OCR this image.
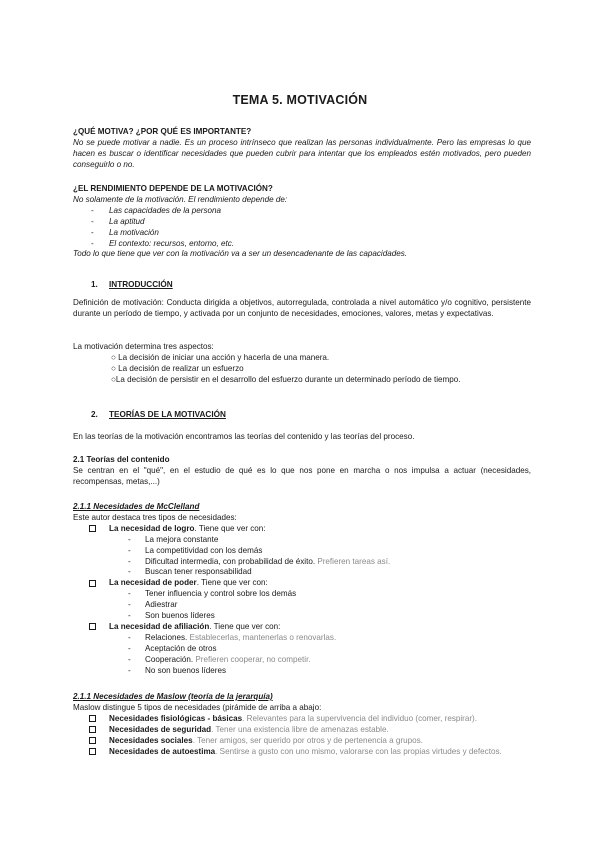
TEMA 5. MOTIVACIÓN
¿QUÉ MOTIVA? ¿POR QUÉ ES IMPORTANTE?
No se puede motivar a nadie. Es un proceso intrínseco que realizan las personas individualmente. Pero las empresas lo que hacen es buscar o identificar necesidades que pueden cubrir para intentar que los empleados estén motivados, pero pueden conseguirlo o no.
¿EL RENDIMIENTO DEPENDE DE LA MOTIVACIÓN?
No solamente de la motivación. El rendimiento depende de:
- Las capacidades de la persona
- La aptitud
- La motivación
- El contexto: recursos, entorno, etc.
Todo lo que tiene que ver con la motivación va a ser un desencadenante de las capacidades.
1. INTRODUCCIÓN
Definición de motivación: Conducta dirigida a objetivos, autorregulada, controlada a nivel automático y/o cognitivo, persistente durante un período de tiempo, y activada por un conjunto de necesidades, emociones, valores, metas y expectativas.
La motivación determina tres aspectos:
○ La decisión de iniciar una acción y hacerla de una manera.
○ La decisión de realizar un esfuerzo
○La decisión de persistir en el desarrollo del esfuerzo durante un determinado período de tiempo.
2. TEORÍAS DE LA MOTIVACIÓN
En las teorías de la motivación encontramos las teorías del contenido y las teorías del proceso.
2.1 Teorías del contenido
Se centran en el "qué", en el estudio de qué es lo que nos pone en marcha o nos impulsa a actuar (necesidades, recompensas, metas,...)
2.1.1 Necesidades de McClelland
Este autor destaca tres tipos de necesidades:
La necesidad de logro. Tiene que ver con:
- La mejora constante
- La competitividad con los demás
- Dificultad intermedia, con probabilidad de éxito. Prefieren tareas así.
- Buscan tener responsabilidad
La necesidad de poder. Tiene que ver con:
- Tener influencia y control sobre los demás
- Adiestrar
- Son buenos líderes
La necesidad de afiliación. Tiene que ver con:
- Relaciones. Establecerlas, mantenerlas o renovarlas.
- Aceptación de otros
- Cooperación. Prefieren cooperar, no competir.
- No son buenos líderes
2.1.1 Necesidades de Maslow (teoría de la jerarquía)
Maslow distingue 5 tipos de necesidades (pirámide de arriba a abajo:
Necesidades fisiológicas - básicas. Relevantes para la supervivencia del individuo (comer, respirar).
Necesidades de seguridad. Tener una existencia libre de amenazas estable.
Necesidades sociales. Tener amigos, ser querido por otros y de pertenencia a grupos.
Necesidades de autoestima. Sentirse a gusto con uno mismo, valorarse con las propias virtudes y defectos.
